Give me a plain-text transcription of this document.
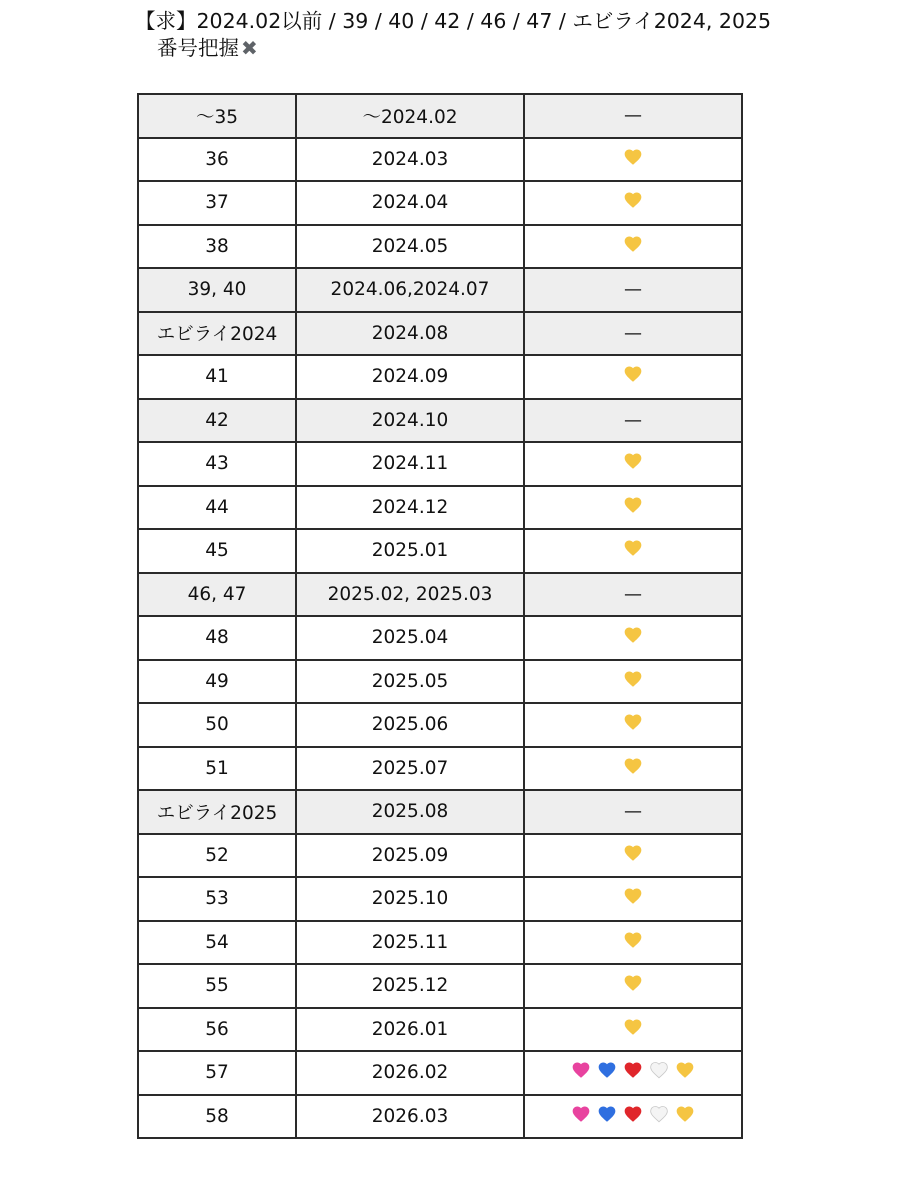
【求】2024.02以前 / 39 / 40 / 42 / 46 / 47 / エビライ2024, 2025
番号把握 ✖
〜35	〜2024.02	—
36	2024.03	

37	2024.04	

38	2024.05	

39, 40	2024.06,2024.07	—
エビライ2024	2024.08	—
41	2024.09	

42	2024.10	—
43	2024.11	

44	2024.12	

45	2025.01	

46, 47	2025.02, 2025.03	—
48	2025.04	

49	2025.05	

50	2025.06	

51	2025.07	

エビライ2025	2025.08	—
52	2025.09	

53	2025.10	

54	2025.11	

55	2025.12	

56	2026.01	

57	2026.02	

58	2026.03	
